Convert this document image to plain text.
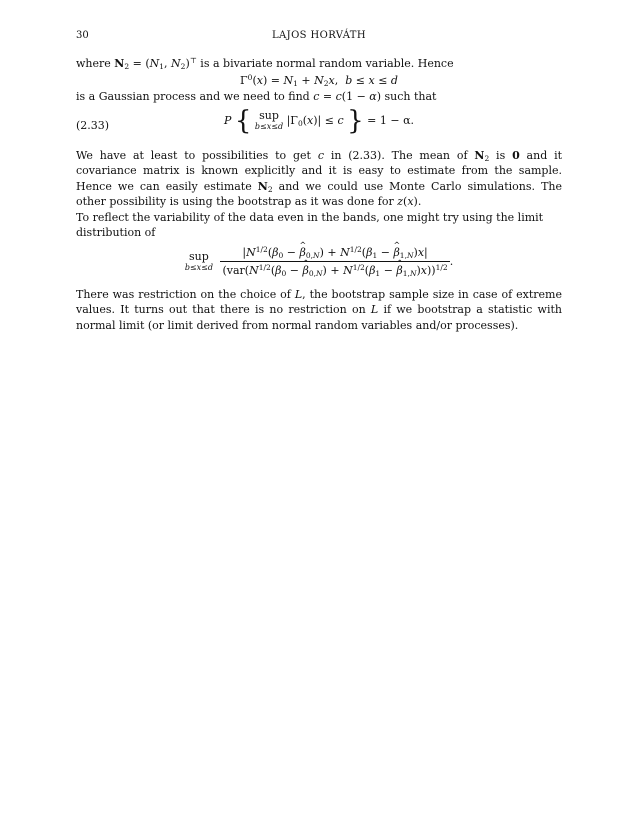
30	LAJOS HORVÁTH

where $N_2 = (N_1$, $N_2)^⊤$ is a bivariate normal random variable. Hence

$\Gamma^0(x) = N_1 + N_2x$,  b ≤ x ≤ d

is a Gaussian process and we need to find c = c(1 − α) such that

(2.33)	P { sup
b≤x≤d $|\Gamma_0(x)| \le c$ } = 1 − α.

We have at least to possibilities to get c in (2.33). The mean of $N_2$ is 0 and it covariance matrix is known explicitly and it is easy to estimate from the sample. Hence we can easily estimate $N_2$ and we could use Monte Carlo simulations. The other possibility is using the bootstrap as it was done for z(x).

To reflect the variability of the data even in the bands, one might try using the limit distribution of

sup
b≤x≤d
$\frac{|N^{1/2}(\beta_0 - \^{} \beta_{0,N}) + N^{1/2}(\beta_1 - \^{} \beta_{1,N})x|}{(var(N^{1/2}(\beta_0 - \^{} \beta_{0,N}) + N^{1/2}(\beta_1 - \^{} \beta_{1,N})x))^{1/2}}$ .

There was restriction on the choice of L, the bootstrap sample size in case of extreme values. It turns out that there is no restriction on L if we bootstrap a statistic with normal limit (or limit derived from normal random variables and/or processes).
